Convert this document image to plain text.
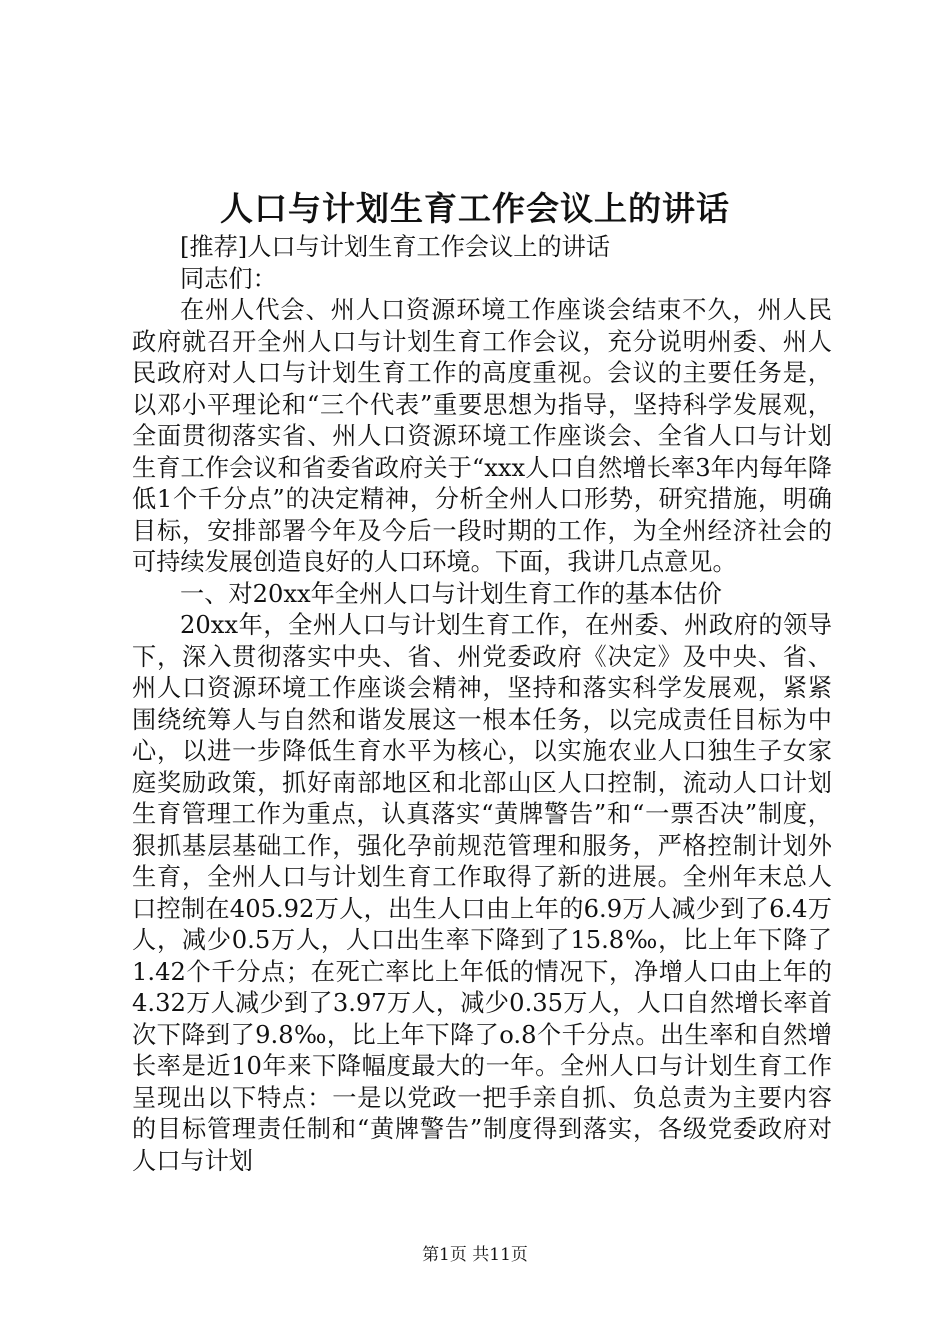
人口与计划生育工作会议上的讲话

[推荐]人口与计划生育工作会议上的讲话

同志们：

在州人代会、州人口资源环境工作座谈会结束不久，州人民政府就召开全州人口与计划生育工作会议，充分说明州委、州人民政府对人口与计划生育工作的高度重视。会议的主要任务是，以邓小平理论和“三个代表”重要思想为指导，坚持科学发展观，全面贯彻落实省、州人口资源环境工作座谈会、全省人口与计划生育工作会议和省委省政府关于“xxx人口自然增长率3年内每年降低1个千分点”的决定精神，分析全州人口形势，研究措施，明确目标，安排部署今年及今后一段时期的工作，为全州经济社会的可持续发展创造良好的人口环境。下面，我讲几点意见。

一、对20xx年全州人口与计划生育工作的基本估价

20xx年，全州人口与计划生育工作，在州委、州政府的领导下，深入贯彻落实中央、省、州党委政府《决定》及中央、省、州人口资源环境工作座谈会精神，坚持和落实科学发展观，紧紧围绕统筹人与自然和谐发展这一根本任务，以完成责任目标为中心，以进一步降低生育水平为核心，以实施农业人口独生子女家庭奖励政策，抓好南部地区和北部山区人口控制，流动人口计划生育管理工作为重点，认真落实“黄牌警告”和“一票否决”制度，狠抓基层基础工作，强化孕前规范管理和服务，严格控制计划外生育，全州人口与计划生育工作取得了新的进展。全州年末总人口控制在405.92万人，出生人口由上年的6.9万人减少到了6.4万人，减少0.5万人，人口出生率下降到了15.8‰，比上年下降了1.42个千分点；在死亡率比上年低的情况下，净增人口由上年的4.32万人减少到了3.97万人，减少0.35万人，人口自然增长率首次下降到了9.8‰，比上年下降了o.8个千分点。出生率和自然增长率是近10年来下降幅度最大的一年。全州人口与计划生育工作呈现出以下特点：一是以党政一把手亲自抓、负总责为主要内容的目标管理责任制和“黄牌警告”制度得到落实，各级党委政府对人口与计划

第1页 共11页
